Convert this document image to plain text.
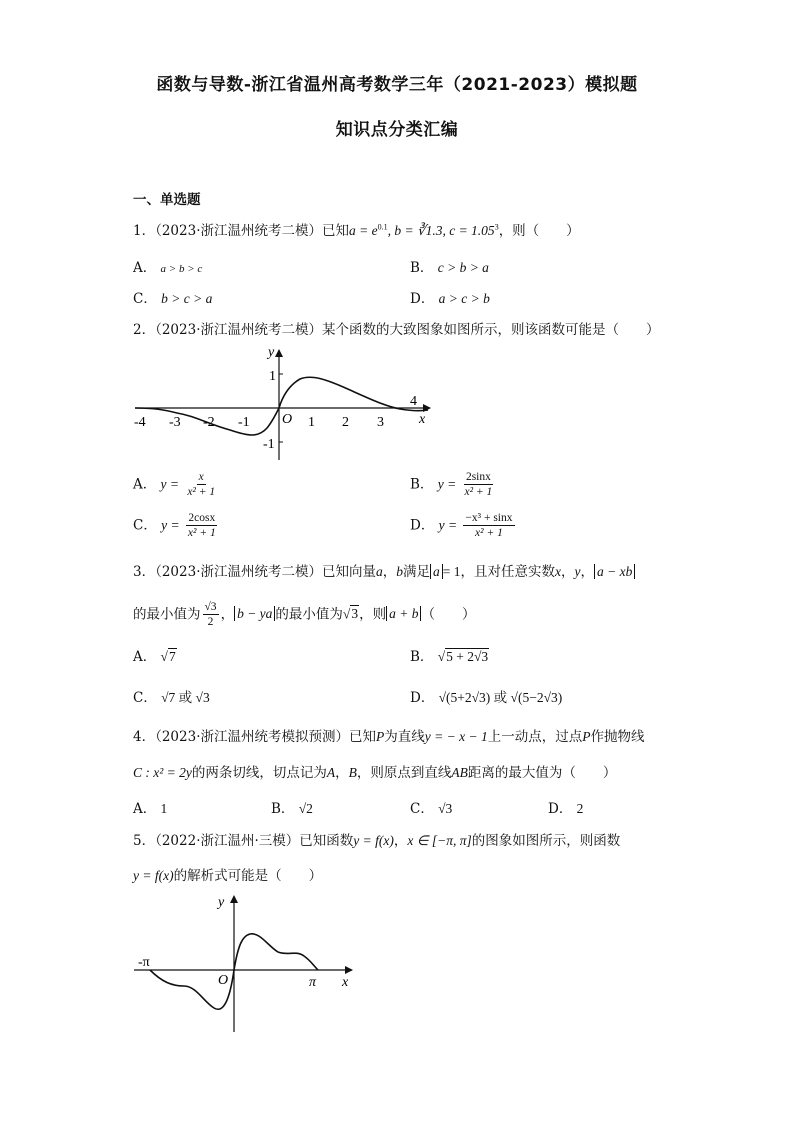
函数与导数-浙江省温州高考数学三年（2021-2023）模拟题
知识点分类汇编
一、单选题
1．（2023·浙江温州统考二模）已知$a = e^{0.1}$, b = ∛1.3, $c = 1.05^3$，则（　　）
A． a > b > c	B． c > b > a
C． b > c > a	D． a > c > b
2．（2023·浙江温州统考二模）某个函数的大致图象如图所示，则该函数可能是（　　）
y
x
O
1
-1
-4 -3 -2 -1	1 2 3
4
A． $y = \frac{x}{\text{x² + 1}}$	B． $y = \frac{2\sin x}{\text{x² + 1}}$
C． $y = \frac{2\cos x}{\text{x² + 1}}$	D． $y = \frac{\text{−x³ + sinx}}{\text{x² + 1}}$
3．（2023·浙江温州统考二模）已知向量a，b满足 a = 1，且对任意实数x，y， a − xb
的最小值为 $\frac{√3}{2}$ ， b − ya 的最小值为√3，则 a + b （　　）
A． √7	B． √5 + 2√3
C． √7 或 √3	D． √(5+2√3) 或 √(5−2√3)
4．（2023·浙江温州统考模拟预测）已知P为直线y = − x − 1上一动点，过点P作抛物线
C : x² = 2y的两条切线，切点记为A，B，则原点到直线AB距离的最大值为（　　）
A． 1	B． √2	C． √3	D． 2
5．（2022·浙江温州·三模）已知函数y = f(x)，x ∈ [−π, π]的图象如图所示，则函数
y = f(x)的解析式可能是（　　）
y
x
O
-π
π
